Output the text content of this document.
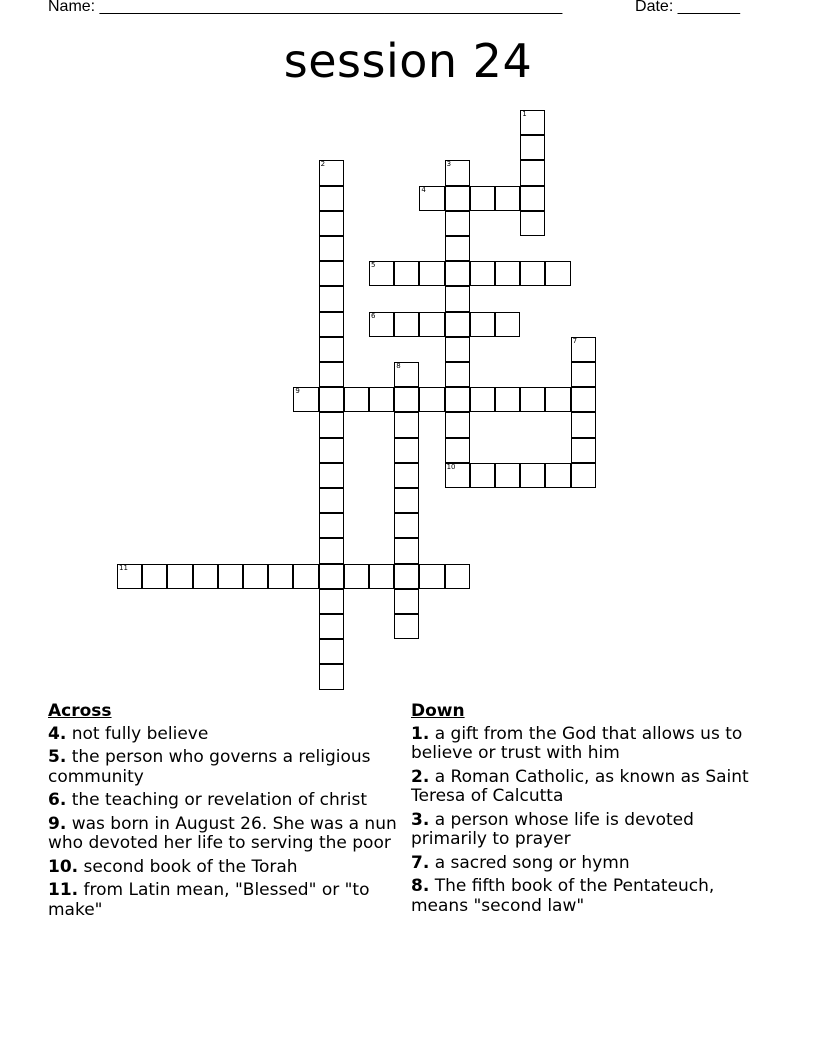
Name: ____________________________________________________	Date: _______
session 24
1
2	3
10
4
5
6
7
8
9
11
Across
4. not fully believe
5. the person who governs a religious community
6. the teaching or revelation of christ
9. was born in August 26. She was a nun who devoted her life to serving the poor
10. second book of the Torah
11. from Latin mean, "Blessed" or "to make"
Down
1. a gift from the God that allows us to believe or trust with him
2. a Roman Catholic, as known as Saint Teresa of Calcutta
3. a person whose life is devoted primarily to prayer
7. a sacred song or hymn
8. The fifth book of the Pentateuch, means "second law"
